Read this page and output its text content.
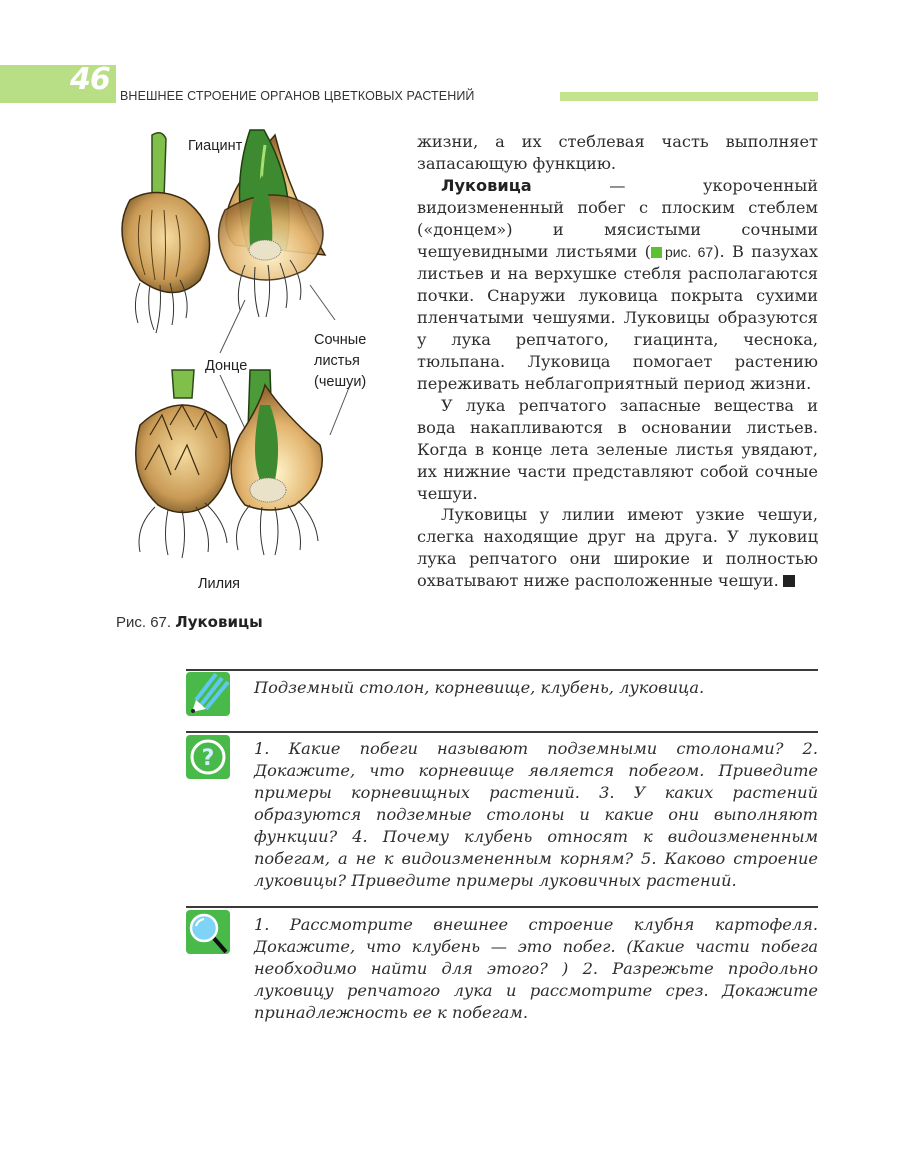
46 ВНЕШНЕЕ СТРОЕНИЕ ОРГАНОВ ЦВЕТКОВЫХ РАСТЕНИЙ
Гиацинт
Донце
Сочные
листья
(чешуи)
Лилия
Рис. 67. Луковицы

жизни, а их стеблевая часть выполняет запасающую функцию.

Луковица — укороченный видоизмененный побег с плоским стеблем («донцем») и мясистыми сочными чешуевидными листьями ( рис. 67). В пазухах листьев и на верхушке стебля располагаются почки. Снаружи луковица покрыта сухими пленчатыми чешуями. Луковицы образуются у лука репчатого, гиацинта, чеснока, тюльпана. Луковица помогает растению переживать неблагоприятный период жизни.

У лука репчатого запасные вещества и вода накапливаются в основании листьев. Когда в конце лета зеленые листья увядают, их нижние части представляют собой сочные чешуи.

Луковицы у лилии имеют узкие чешуи, слегка находящие друг на друга. У луковиц лука репчатого они широкие и полностью охватывают ниже расположенные чешуи.

Подземный столон, корневище, клубень, луковица.
? 1. Какие побеги называют подземными столонами? 2. Докажите, что корневище является побегом. Приведите примеры корневищных растений. 3. У каких растений образуются подземные столоны и какие они выполняют функции? 4. Почему клубень относят к видоизмененным побегам, а не к видоизмененным корням? 5. Каково строение луковицы? Приведите примеры луковичных растений.
1. Рассмотрите внешнее строение клубня картофеля. Докажите, что клубень — это побег. (Какие части побега необходимо найти для этого? ) 2. Разрежьте продольно луковицу репчатого лука и рассмотрите срез. Докажите принадлежность ее к побегам.
